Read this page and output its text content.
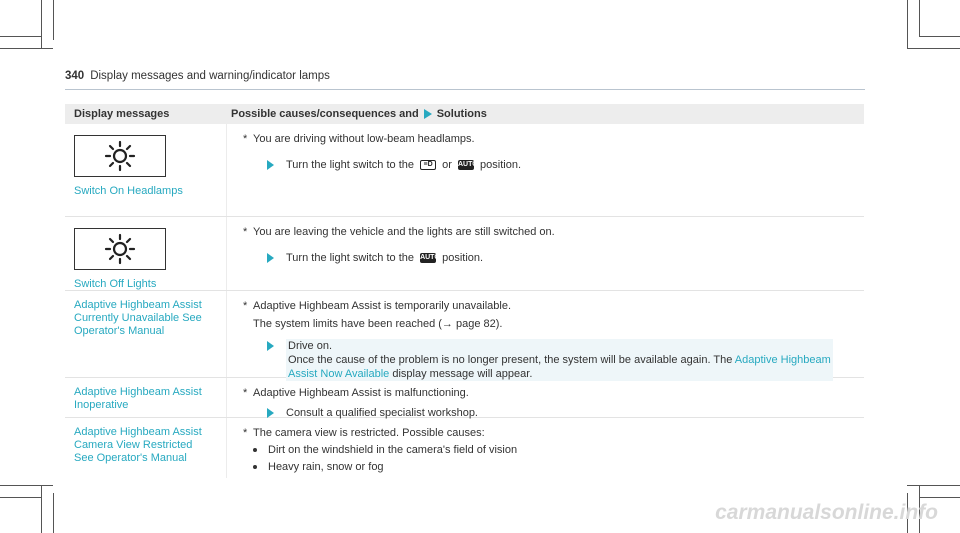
340 Display messages and warning/indicator lamps
Display messages	Possible causes/consequences and Solutions
Switch On Headlamps
* You are driving without low-beam headlamps.
Turn the light switch to the ≡D or AUTO position.
Switch Off Lights
* You are leaving the vehicle and the lights are still switched on.
Turn the light switch to the AUTO position.
Adaptive Highbeam Assist
Currently Unavailable See
Operator's Manual
* Adaptive Highbeam Assist is temporarily unavailable.
The system limits have been reached (→ page 82).
Drive on.
Once the cause of the problem is no longer present, the system will be available again. The Adaptive Highbeam
Assist Now Available display message will appear.
Adaptive Highbeam Assist
Inoperative
* Adaptive Highbeam Assist is malfunctioning.
Consult a qualified specialist workshop.
Adaptive Highbeam Assist
Camera View Restricted
See Operator's Manual
* The camera view is restricted. Possible causes:
Dirt on the windshield in the camera's field of vision
Heavy rain, snow or fog
carmanualsonline.info
